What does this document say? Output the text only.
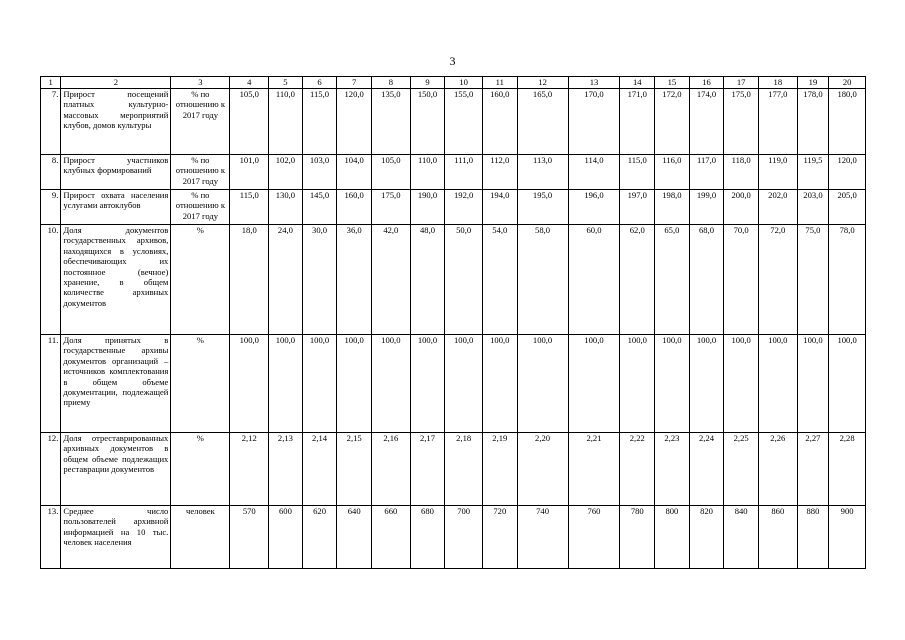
3
1	2	3	4	5	6	7	8	9	10	11	12	13	14	15	16	17	18	19	20
7.	Прирост посещений платных культурно-массовых мероприятий клубов, домов культуры	% по отношению к 2017 году	105,0	110,0	115,0	120,0	135,0	150,0	155,0	160,0	165,0	170,0	171,0	172,0	174,0	175,0	177,0	178,0	180,0
8.	Прирост участников клубных формирований	% по отношению к 2017 году	101,0	102,0	103,0	104,0	105,0	110,0	111,0	112,0	113,0	114,0	115,0	116,0	117,0	118,0	119,0	119,5	120,0
9.	Прирост охвата населения услугами автоклубов	% по отношению к 2017 году	115,0	130,0	145,0	160,0	175,0	190,0	192,0	194,0	195,0	196,0	197,0	198,0	199,0	200,0	202,0	203,0	205,0
10.	Доля документов государственных архивов, находящихся в условиях, обеспечивающих их постоянное (вечное) хранение, в общем количестве архивных документов	%	18,0	24,0	30,0	36,0	42,0	48,0	50,0	54,0	58,0	60,0	62,0	65,0	68,0	70,0	72,0	75,0	78,0
11.	Доля принятых в государственные архивы документов организаций – источников комплектования в общем объеме документации, подлежащей приему	%	100,0	100,0	100,0	100,0	100,0	100,0	100,0	100,0	100,0	100,0	100,0	100,0	100,0	100,0	100,0	100,0	100,0
12.	Доля отреставрированных архивных документов в общем объеме подлежащих реставрации документов	%	2,12	2,13	2,14	2,15	2,16	2,17	2,18	2,19	2,20	2,21	2,22	2,23	2,24	2,25	2,26	2,27	2,28
13.	Среднее число пользователей архивной информацией на 10 тыс. человек населения	человек	570	600	620	640	660	680	700	720	740	760	780	800	820	840	860	880	900
